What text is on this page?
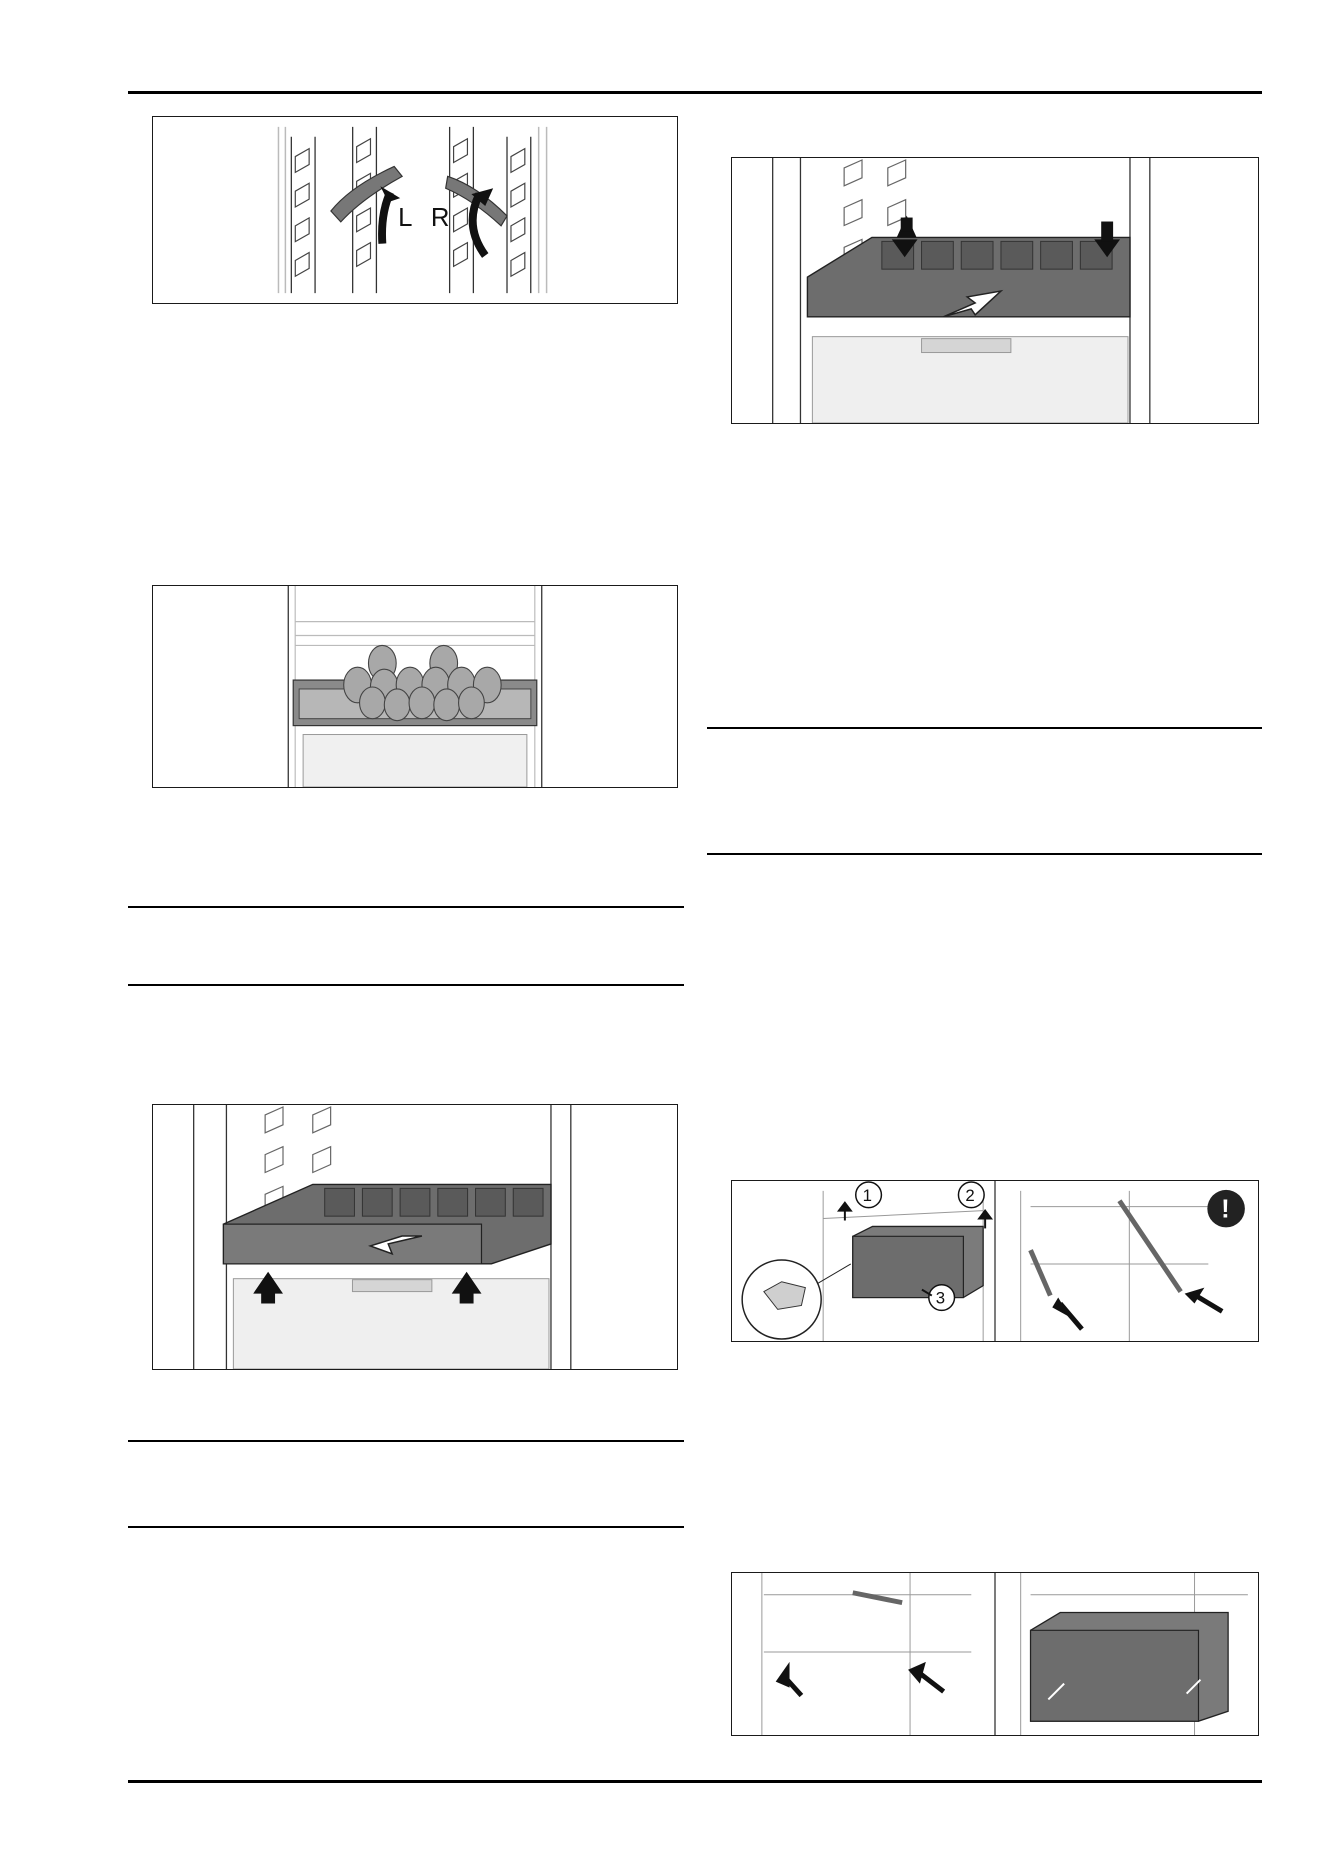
L R
1	2
3
!
